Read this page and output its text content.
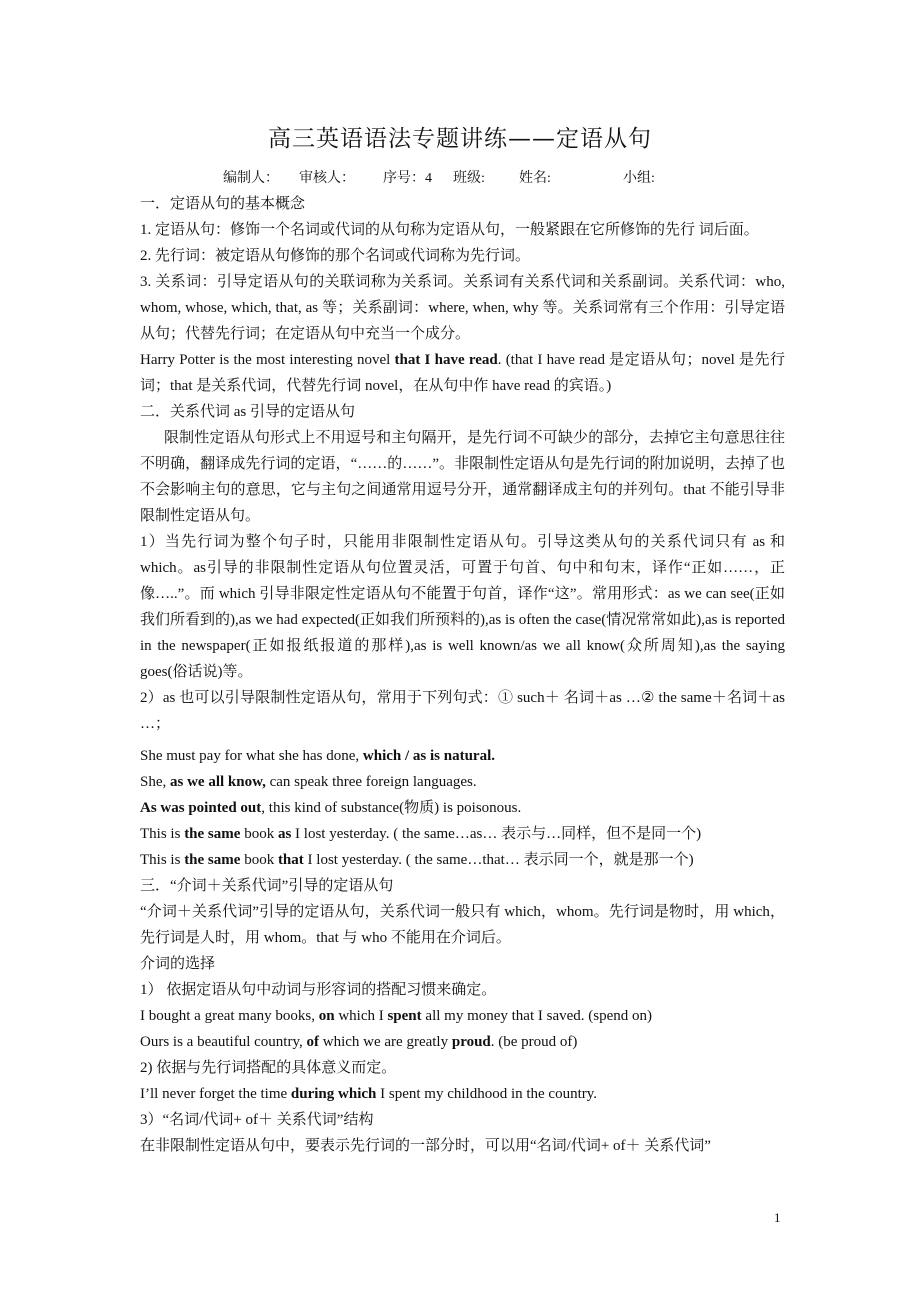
高三英语语法专题讲练——定语从句
编制人： 审核人： 序号：4 班级: 姓名:	小组:
一．定语从句的基本概念
1. 定语从句：修饰一个名词或代词的从句称为定语从句，一般紧跟在它所修饰的先行 词后面。
2. 先行词：被定语从句修饰的那个名词或代词称为先行词。
3. 关系词：引导定语从句的关联词称为关系词。关系词有关系代词和关系副词。关系代词：who, whom, whose, which, that, as 等；关系副词：where, when, why 等。关系词常有三个作用：引导定语从句；代替先行词；在定语从句中充当一个成分。
Harry Potter is the most interesting novel that I have read. (that I have read 是定语从句；novel 是先行词；that 是关系代词，代替先行词 novel，在从句中作 have read 的宾语。)
二．关系代词 as 引导的定语从句
限制性定语从句形式上不用逗号和主句隔开，是先行词不可缺少的部分，去掉它主句意思往往不明确，翻译成先行词的定语，“……的……”。非限制性定语从句是先行词的附加说明，去掉了也不会影响主句的意思，它与主句之间通常用逗号分开，通常翻译成主句的并列句。that 不能引导非限制性定语从句。
1）当先行词为整个句子时，只能用非限制性定语从句。引导这类从句的关系代词只有 as 和 which。as引导的非限制性定语从句位置灵活，可置于句首、句中和句末，译作“正如……，正像…..”。而 which 引导非限定性定语从句不能置于句首，译作“这”。常用形式：as we can see(正如我们所看到的),as we had expected(正如我们所预料的),as is often the case(情况常常如此),as is reported in the newspaper(正如报纸报道的那样),as is well known/as we all know(众所周知),as the saying goes(俗话说)等。
2）as 也可以引导限制性定语从句，常用于下列句式：① such＋ 名词＋as …② the same＋名词＋as …；
She must pay for what she has done, which / as is natural.
She, as we all know, can speak three foreign languages.
As was pointed out, this kind of substance(物质) is poisonous.
This is the same book as I lost yesterday. ( the same…as… 表示与…同样，但不是同一个)
This is the same book that I lost yesterday. ( the same…that… 表示同一个，就是那一个)
三．“介词＋关系代词”引导的定语从句
“介词＋关系代词”引导的定语从句，关系代词一般只有 which，whom。先行词是物时，用 which，先行词是人时，用 whom。that 与 who 不能用在介词后。
介词的选择
1） 依据定语从句中动词与形容词的搭配习惯来确定。
I bought a great many books, on which I spent all my money that I saved. (spend on)
Ours is a beautiful country, of which we are greatly proud. (be proud of)
2) 依据与先行词搭配的具体意义而定。
I’ll never forget the time during which I spent my childhood in the country.
3）“名词/代词+ of＋ 关系代词”结构
在非限制性定语从句中，要表示先行词的一部分时，可以用“名词/代词+ of＋ 关系代词”
1
